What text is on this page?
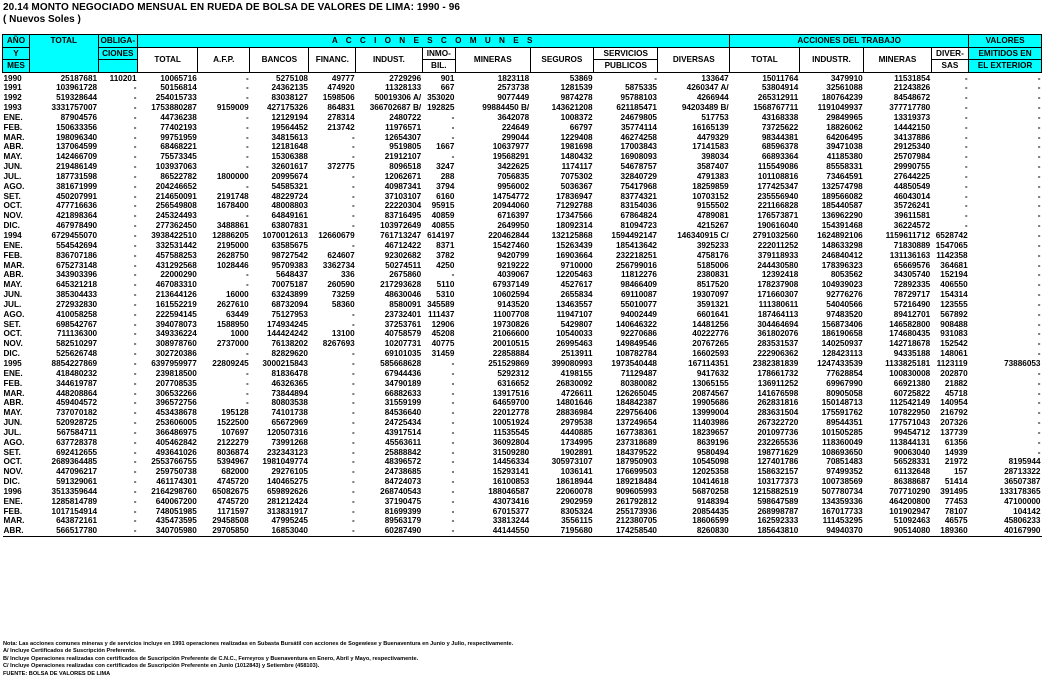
20.14 MONTO NEGOCIADO MENSUAL EN RUEDA DE BOLSA DE VALORES DE LIMA: 1990 - 96
( Nuevos Soles )
AÑO	TOTAL	OBLIGA-	A C C I O N E S C O M U N E S										ACCIONES DEL TRABAJO				VALORES
Y		CIONES	TOTAL	A.F.P.	BANCOS	FINANC.	INDUST.	INMO-	MINERAS	SEGUROS	SERVICIOS	DIVERSAS	TOTAL	INDUSTR.	MINERAS	DIVER-	EMITIDOS EN
MES								BIL.			PUBLICOS					SAS	EL EXTERIOR
1990	25187681	110201	10065716	-	5275108	49777	2729296	901	1823118	53869	-	133647	15011764	3479910	11531854	-	-
1991	103961728	-	50156814	-	24362135	474920	11328133	667	2573738	1281539	5875335	4260347 A/	53804914	32561088	21243826	-	-
1992	519328644	-	254015733	-	83038127	1598506	50019306 A/	353020	9077449	9874278	95788103	4266944	265312911	180764239	84548672	-	-
1993	3331757007	-	1753880287	9159009	427175326	864831	366702687 B/	192825	99884450 B/	143621208	621185471	94203489 B/	1568767711	1191049937	377717780	-	-
ENE.	87904576	-	44736238	-	12129194	278314	2480722	-	3642078	1008372	24679805	517753	43168338	29849965	13319373	-	-
FEB.	150633356	-	77402193	-	19564452	213742	11976571	-	224649	66797	35774114	16165139	73725622	18826062	14442150	-	-
MAR.	198096340	-	99751959	-	34815613	-	12654307	-	299044	1229408	46274258	4479329	98344381	64206495	34137886	-	-
ABR.	137064599	-	68468221	-	12181648	-	9519805	1667	10637977	1981698	17003843	17141583	68596378	39471038	29125340	-	-
MAY.	142466709	-	75573345	-	15306388	-	21912107	-	19568291	1480432	16908093	398034	66893364	41185380	25707984	-	-
JUN.	219486149	-	103937063	-	32601617	372775	8096518	3247	3422625	1174117	54678757	3587407	115549086	85558331	29990755	-	-
JUL.	187731598	-	86522782	1800000	20995674	-	12062671	288	7056835	7075302	32840729	4791383	101108816	73464591	27644225	-	-
AGO.	381671999	-	204246652	-	54585321	-	40987341	3794	9956002	5036367	75417968	18259859	177425347	132574798	44850549	-	-
SET.	450207991	-	214650091	2191748	48229724	-	37103107	6160	14754772	17836947	83774321	10703152	235556940	189566082	46043014	-	-
OCT.	477716636	-	256549808	1678400	48008803	-	22220304	95915	20944060	71292788	83154036	9155502	221166828	185440587	35726241	-	-
NOV.	421898364	-	245324493	-	64849161	-	83716495	40859	6716397	17347566	67864824	4789081	176573871	136962290	39611581	-	-
DIC.	467978490	-	277362450	3488861	63807831	-	103972649	40855	2649950	18092314	81094723	4215267	190616040	154391468	36224572	-	-
1994	6729455070	-	3938422510	12886205	1070012613	12660679	761713247	614197	220462844	132125868	1594492147	146340915 C/	2791032560	1624892106	1159611712	6528742	-
ENE.	554542694	-	332531442	2195000	63585675	-	46712422	8371	15427460	15263439	185413642	3925233	222011252	148633298	71830889	1547065	-
FEB.	836707186	-	457588253	2628750	98727542	624607	92302682	3782	9420799	16903664	232218251	4758176	379118933	246840412	131136163	1142358	-
MAR.	675273148	-	431292568	1028446	95709383	3362734	50274511	4250	9219222	9710000	256799016	5185006	244430580	178396323	65669576	364681	-
ABR.	343903396	-	22000290	-	5648437	336	2675860	-	4039067	12205463	11812276	2380831	12392418	8053562	34305740	152194	-
MAY.	645321218	-	467083310	-	70075187	260590	217293628	5110	67937149	4527617	98466409	8517520	178237908	104939023	72892335	406550	-
JUN.	385304433	-	213644126	16000	63243899	73259	48630046	5310	10602594	2655834	69110087	19307097	171660307	92776276	78729717	154314	-
JUL.	272932830	-	161552219	2627610	68732094	58360	8580091	345589	9143520	13463557	55010077	3591321	111380611	54040566	57216490	123555	-
AGO.	410058258	-	222594145	63449	75127953	-	23732401	111437	11007708	11947107	94002449	6601641	187464113	97483520	89412701	567892	-
SET.	698542767	-	394078073	1588950	174934245	-	37253761	12906	19730826	5429807	140646322	14481256	304464694	156873406	146582800	908488	-
OCT.	711136300	-	349336224	1000	144424242	13100	40758579	45208	21066600	10540033	92270686	40222776	361802076	186190658	174680435	931083	-
NOV.	582510297	-	308978760	2737000	76138202	8267693	10207731	40775	20010515	26995463	149849546	20767265	283531537	140250937	142718678	152542	-
DIC.	525626748	-	302720386	-	82829620	-	69101035	31459	22858884	2513911	108782784	16602593	222906362	128423113	94335188	148061	-
1995	8854227869	-	6397959977	22809245	3000215843	-	585668628	-	251529869	399080993	1973540448	167114351	2382381839	1247433539	1133825181	1123119	73886053
ENE.	418480232	-	239818500	-	81836478	-	67944436	-	5292312	4198155	71129487	9417632	178661732	77628854	100830008	202870	-
FEB.	344619787	-	207708535	-	46326365	-	34790189	-	6316652	26830092	80380082	13065155	136911252	69967990	66921380	21882	-
MAR.	448208864	-	306532266	-	73844894	-	66882633	-	13917516	4726611	126265045	20874567	141676598	80905058	60725822	45718	-
ABR.	459404572	-	396572756	-	80803538	-	31559199	-	64659700	14801646	184842387	19905686	262831816	150148713	112542149	140954	-
MAY.	737070182	-	453438678	195128	74101738	-	84536640	-	22012778	28836984	229756406	13999004	283631504	175591762	107822950	216792	-
JUN.	520928725	-	253606005	1522500	65672969	-	24725434	-	10051924	2979538	137249654	11403986	267322720	89544351	177571043	207326	-
JUL.	567584711	-	366486975	107697	120507316	-	43917514	-	11535545	4440885	167738361	18239657	201097736	101505285	99454712	137739	-
AGO.	637728378	-	405462842	2122279	73991268	-	45563611	-	36092804	1734995	237318689	8639196	232265536	118360049	113844131	61356	-
SET.	692412655	-	493641026	8036874	232343123	-	25888842	-	31509280	1902891	184379522	9580494	198771629	108693650	90063040	14939	-
OCT.	2689364485	-	2553766755	5394967	1981049774	-	48396572	-	14456334	305973107	187950903	10545098	127401786	70851483	56528331	21972	8195944
NOV.	447096217	-	259750738	682000	29276105	-	24738685	-	15293141	1036141	176699503	12025358	158632157	97499352	61132648	157	28713322
DIC.	591329061	-	461174301	4745720	140465275	-	84724073	-	16100853	18618944	189218484	10414618	103177373	100738569	86388687	51414	36507387
1996	3513359644	-	2164298760	65082675	659892626	-	268740543	-	188046587	22060078	909605993	56870258	1215882519	507780734	707710290	391495	133178365
ENE.	1285814789	-	640067200	4745720	281212424	-	37190475	-	43073416	2902959	261792812	9148394	598647589	134359336	464200800	77453	47100000
FEB.	1017154914	-	748051985	1171597	313831917	-	81699399	-	67015377	8305324	255173936	20854435	268998787	167017733	101902947	78107	104142
MAR.	643872161	-	435473595	29458508	47995245	-	89563179	-	33813244	3556115	212380705	18606599	162592333	111453295	51092463	46575	45806233
ABR.	566517780	-	340705980	29705850	16853040	-	60287490	-	44144550	7195680	174258540	8260830	185643810	94940370	90514080	189360	40167990
Nota: Las acciones comunes mineras y de servicios incluye en 1991 operaciones realizadas en Subasta Bursátil con acciones de Sogewiese y Buenaventura en Junio y Julio, respectivamente.
A/ Incluye Certificados de Suscripción Preferente.
B/ Incluye Operaciones realizadas con certificados de Suscripción Preferente de C.N.C., Ferreyros y Buenaventura en Enero, Abril y Mayo, respectivamente.
C/ Incluye Operaciones realizadas con certificados de Suscripción Preferente en Junio (1012843) y Setiembre (458103).
FUENTE: BOLSA DE VALORES DE LIMA
